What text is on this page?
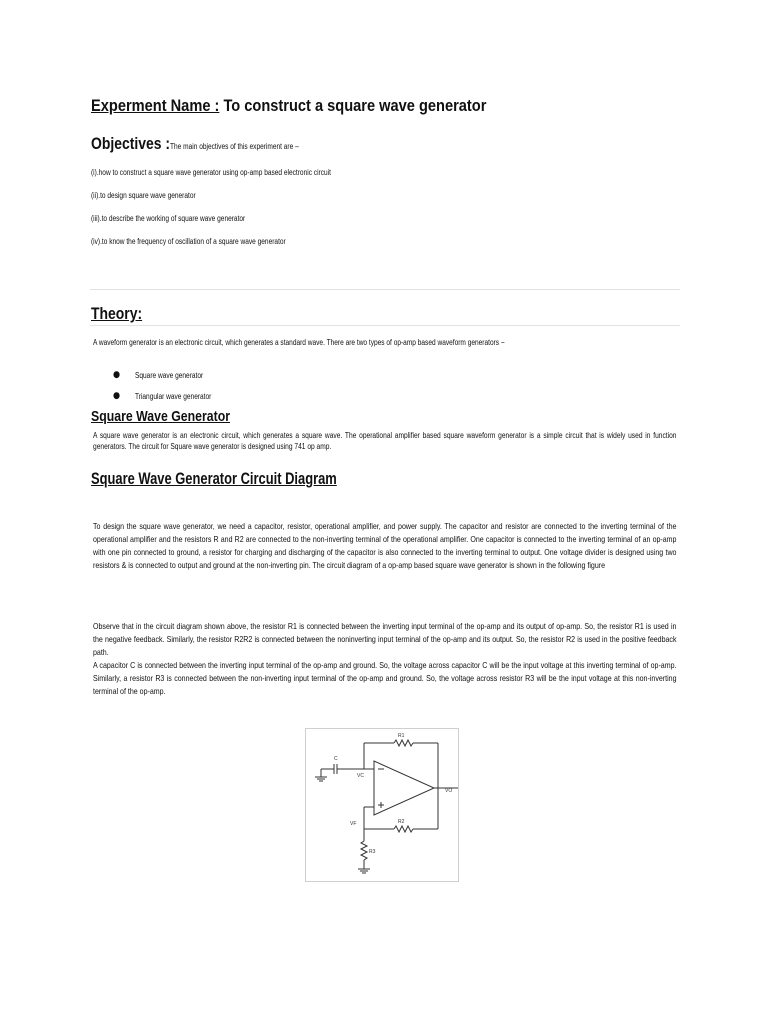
Experment Name : To construct a square wave generator
Objectives :The main objectives of this experiment are –
(i).how to construct a square wave generator using op-amp based electronic circuit
(ii).to design square wave generator
(iii).to describe the working of square wave generator
(iv).to know the frequency of oscillation of a square wave generator
Theory:
A waveform generator is an electronic circuit, which generates a standard wave. There are two types of op-amp based waveform generators −
● Square wave generator
● Triangular wave generator
Square Wave Generator
A square wave generator is an electronic circuit, which generates a square wave. The operational amplifier based square waveform generator is a simple circuit that is widely used in function generators. The circuit for Square wave generator is designed using 741 op amp.
Square Wave Generator Circuit Diagram

To design the square wave generator, we need a capacitor, resistor, operational amplifier, and power supply. The capacitor and resistor are connected to the inverting terminal of the operational amplifier and the resistors R and R2 are connected to the non-inverting terminal of the operational amplifier. One capacitor is connected to the inverting terminal of an op-amp with one pin connected to ground, a resistor for charging and discharging of the capacitor is also connected to the inverting terminal to output. One voltage divider is designed using two resistors & is connected to output and ground at the non-inverting pin. The circuit diagram of a op-amp based square wave generator is shown in the following figure

Observe that in the circuit diagram shown above, the resistor R1 is connected between the inverting input terminal of the op-amp and its output of op-amp. So, the resistor R1 is used in the negative feedback. Similarly, the resistor R2R2 is connected between the noninverting input terminal of the op-amp and its output. So, the resistor R2 is used in the positive feedback path.

A capacitor C is connected between the inverting input terminal of the op-amp and ground. So, the voltage across capacitor C will be the input voltage at this inverting terminal of op-amp. Similarly, a resistor R3 is connected between the non-inverting input terminal of the op-amp and ground. So, the voltage across resistor R3 will be the input voltage at this non-inverting terminal of the op-amp.

C
VC
R1
R2
R3
VF
VO
